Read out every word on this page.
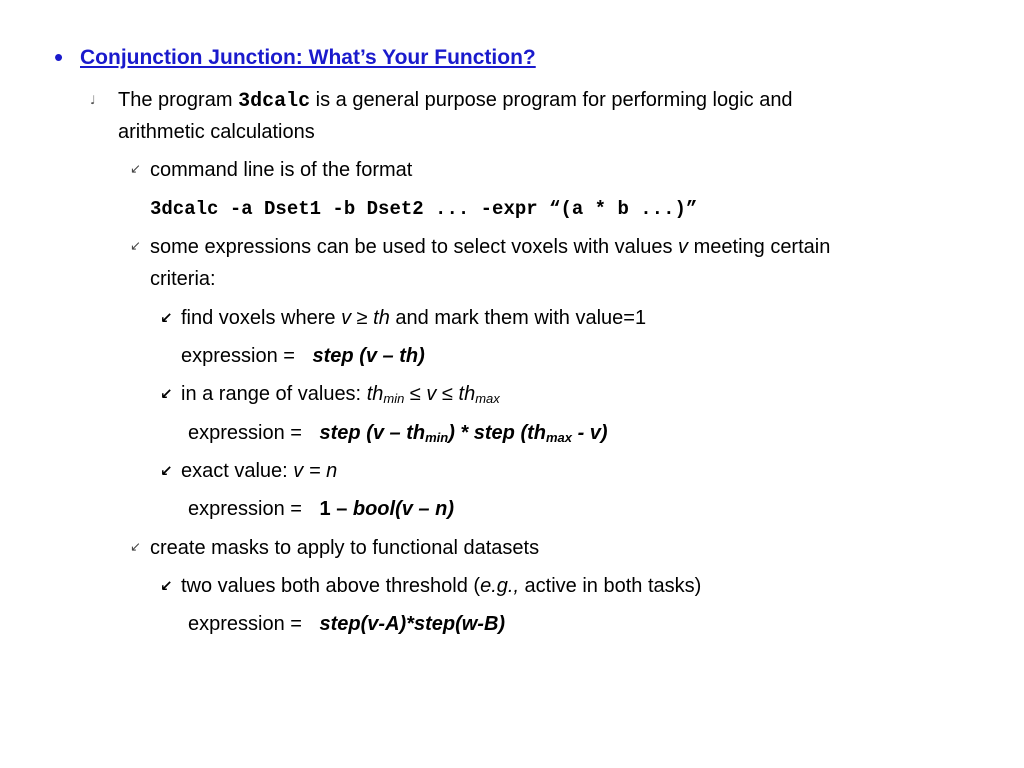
• Conjunction Junction: What’s Your Function?
♩ The program 3dcalc is a general purpose program for performing logic and
arithmetic calculations
↙ command line is of the format
3dcalc -a Dset1 -b Dset2 ... -expr “(a * b ...)”
↙ some expressions can be used to select voxels with values v meeting certain
criteria:
↙ find voxels where v ≥ th and mark them with value=1
expression = step (v – th)
↙ in a range of values: $th_{min} \le v \le th_{max}$
expression = step $(v - th_{min})$ * step $(th_{max} - v)$
↙ exact value: v = n
expression = 1 – bool(v – n)
↙ create masks to apply to functional datasets
↙ two values both above threshold (e.g., active in both tasks)
expression = step(v-A)*step(w-B)
